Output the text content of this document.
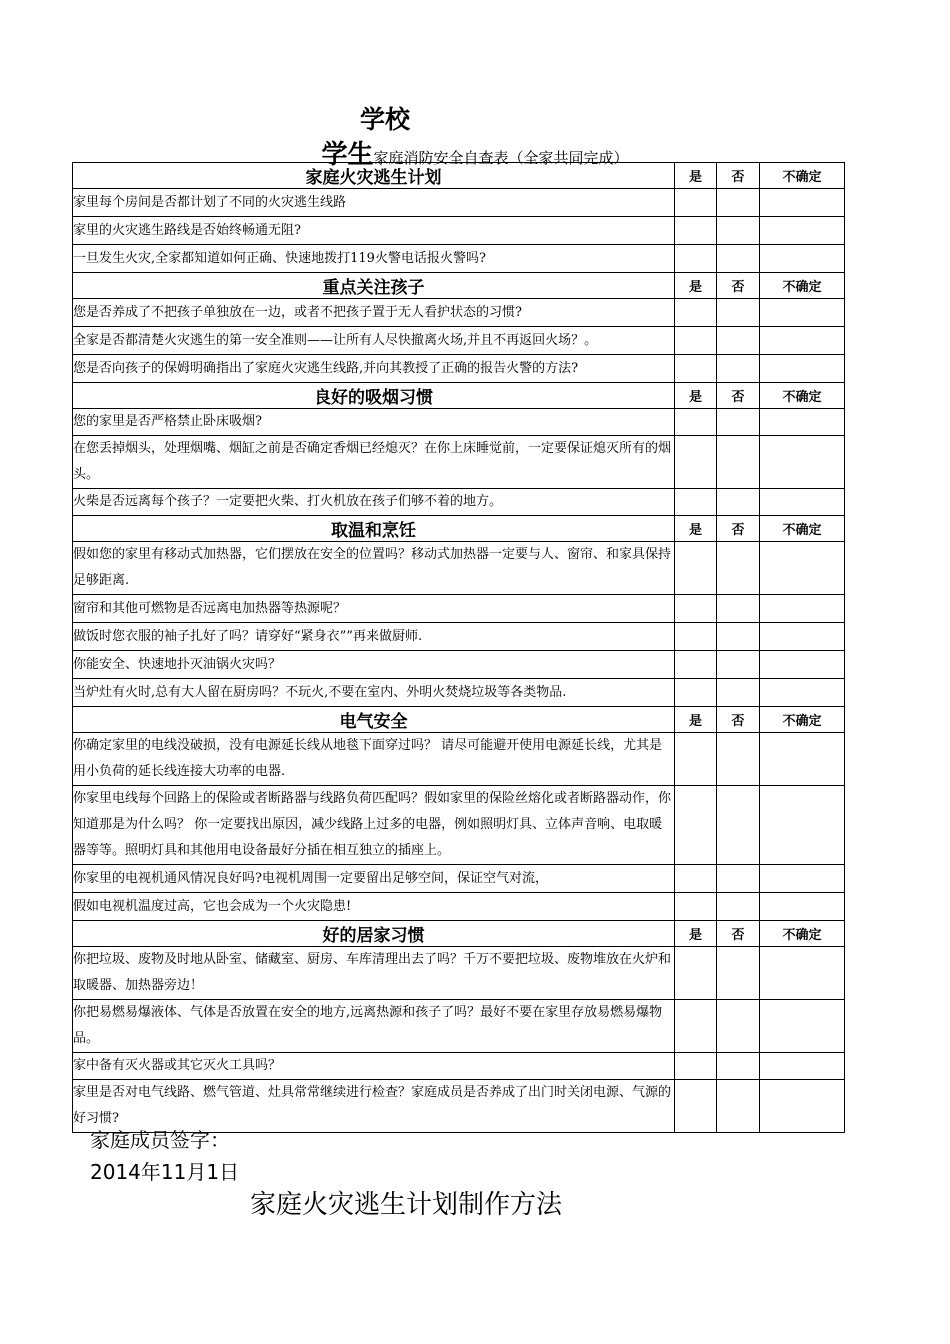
学校
学生家庭消防安全自查表（全家共同完成）
家庭火灾逃生计划	是	否	不确定
家里每个房间是否都计划了不同的火灾逃生线路			
家里的火灾逃生路线是否始终畅通无阻?			
一旦发生火灾,全家都知道如何正确、快速地拨打119火警电话报火警吗?			
重点关注孩子	是	否	不确定
您是否养成了不把孩子单独放在一边，或者不把孩子置于无人看护状态的习惯?			
全家是否都清楚火灾逃生的第一安全准则——让所有人尽快撤离火场,并且不再返回火场？。			
您是否向孩子的保姆明确指出了家庭火灾逃生线路,并向其教授了正确的报告火警的方法?			
良好的吸烟习惯	是	否	不确定
您的家里是否严格禁止卧床吸烟?			
在您丢掉烟头，处理烟嘴、烟缸之前是否确定香烟已经熄灭？在你上床睡觉前，一定要保证熄灭所有的烟头。			
火柴是否远离每个孩子？一定要把火柴、打火机放在孩子们够不着的地方。			
取温和烹饪	是	否	不确定
假如您的家里有移动式加热器，它们摆放在安全的位置吗？移动式加热器一定要与人、窗帘、和家具保持足够距离.			
窗帘和其他可燃物是否远离电加热器等热源呢？			
做饭时您衣服的袖子扎好了吗？请穿好“紧身衣””再来做厨师.			
你能安全、快速地扑灭油锅火灾吗？			
当炉灶有火时,总有大人留在厨房吗？不玩火,不要在室内、外明火焚烧垃圾等各类物品.			
电气安全	是	否	不确定
你确定家里的电线没破损，没有电源延长线从地毯下面穿过吗？ 请尽可能避开使用电源延长线，尤其是用小负荷的延长线连接大功率的电器.			
你家里电线每个回路上的保险或者断路器与线路负荷匹配吗？假如家里的保险丝熔化或者断路器动作，你知道那是为什么吗？ 你一定要找出原因，减少线路上过多的电器，例如照明灯具、立体声音响、电取暖器等等。照明灯具和其他用电设备最好分插在相互独立的插座上。			
你家里的电视机通风情况良好吗?电视机周围一定要留出足够空间，保证空气对流，			
假如电视机温度过高，它也会成为一个火灾隐患!			
好的居家习惯	是	否	不确定
你把垃圾、废物及时地从卧室、储藏室、厨房、车库清理出去了吗？千万不要把垃圾、废物堆放在火炉和取暖器、加热器旁边！			
你把易燃易爆液体、气体是否放置在安全的地方,远离热源和孩子了吗？最好不要在家里存放易燃易爆物品。			
家中备有灭火器或其它灭火工具吗？			
家里是否对电气线路、燃气管道、灶具常常继续进行检查？家庭成员是否养成了出门时关闭电源、气源的好习惯?			
家庭成员签字：
2014年11月1日
家庭火灾逃生计划制作方法
